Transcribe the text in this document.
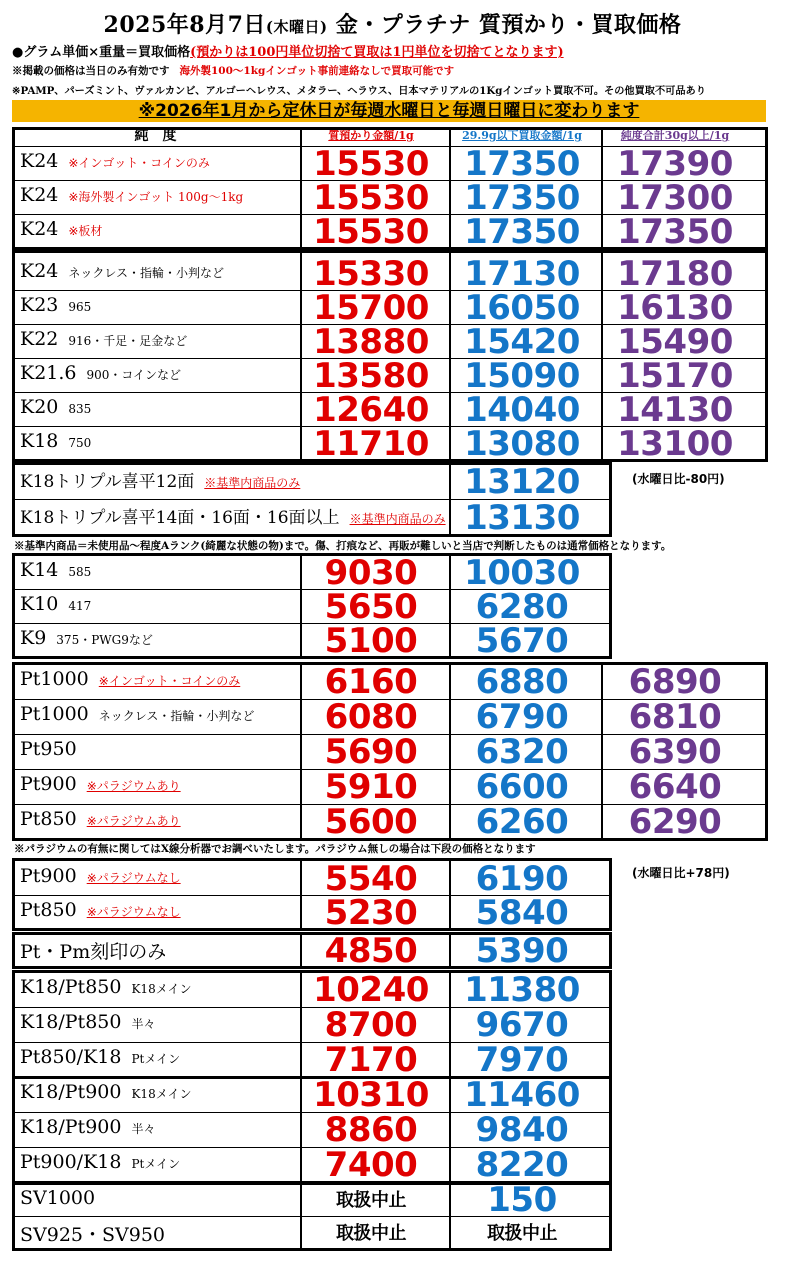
2025年8月7日(木曜日) 金・プラチナ 質預かり・買取価格
●グラム単価×重量＝買取価格(預かりは100円単位切捨て買取は1円単位を切捨てとなります)
※掲載の価格は当日のみ有効です 海外製100～1kgインゴット事前連絡なしで買取可能です
※PAMP、パーズミント、ヴァルカンビ、アルゴーヘレウス、メタラー、ヘラウス、日本マテリアルの1Kgインゴット買取不可。その他買取不可品あり
※2026年1月から定休日が毎週水曜日と毎週日曜日に変わります
純　度	質預かり金額/1g	29.9g以下買取金額/1g	純度合計30g以上/1g
K24 ※インゴット・コインのみ	15530	17350	17390
K24 ※海外製インゴット 100g～1kg	15530	17350	17300
K24 ※板材	15530	17350	17350
K24 ネックレス・指輪・小判など	15330	17130	17180
K23 965	15700	16050	16130
K22 916・千足・足金など	13880	15420	15490
K21.6 900・コインなど	13580	15090	15170
K20 835	12640	14040	14130
K18 750	11710	13080	13100
K18トリプル喜平12面 ※基準内商品のみ	13120
K18トリプル喜平14面・16面・16面以上 ※基準内商品のみ 13130
K14 585	9030	10030
K10 417	5650	6280
K9 375・PWG9など	5100	5670
Pt1000 ※インゴット・コインのみ	6160	6880	6890
Pt1000 ネックレス・指輪・小判など	6080	6790	6810
Pt950	5690	6320	6390
Pt900 ※パラジウムあり	5910	6600	6640
Pt850 ※パラジウムあり	5600	6260	6290
Pt900 ※パラジウムなし	5540	6190
Pt850 ※パラジウムなし	5230	5840
Pt・Pm刻印のみ	4850	5390
K18/Pt850 K18メイン	10240	11380
K18/Pt850 半々	8700	9670
Pt850/K18 Ptメイン	7170	7970
K18/Pt900 K18メイン	10310	11460
K18/Pt900 半々	8860	9840
Pt900/K18 Ptメイン	7400	8220
SV1000	取扱中止	150
SV925・SV950	取扱中止	取扱中止
(水曜日比-80円)
(水曜日比+78円)
※基準内商品＝未使用品～程度Aランク(綺麗な状態の物)まで。傷、打痕など、再販が難しいと当店で判断したものは通常価格となります。
※パラジウムの有無に関してはX線分析器でお調べいたします。パラジウム無しの場合は下段の価格となります
